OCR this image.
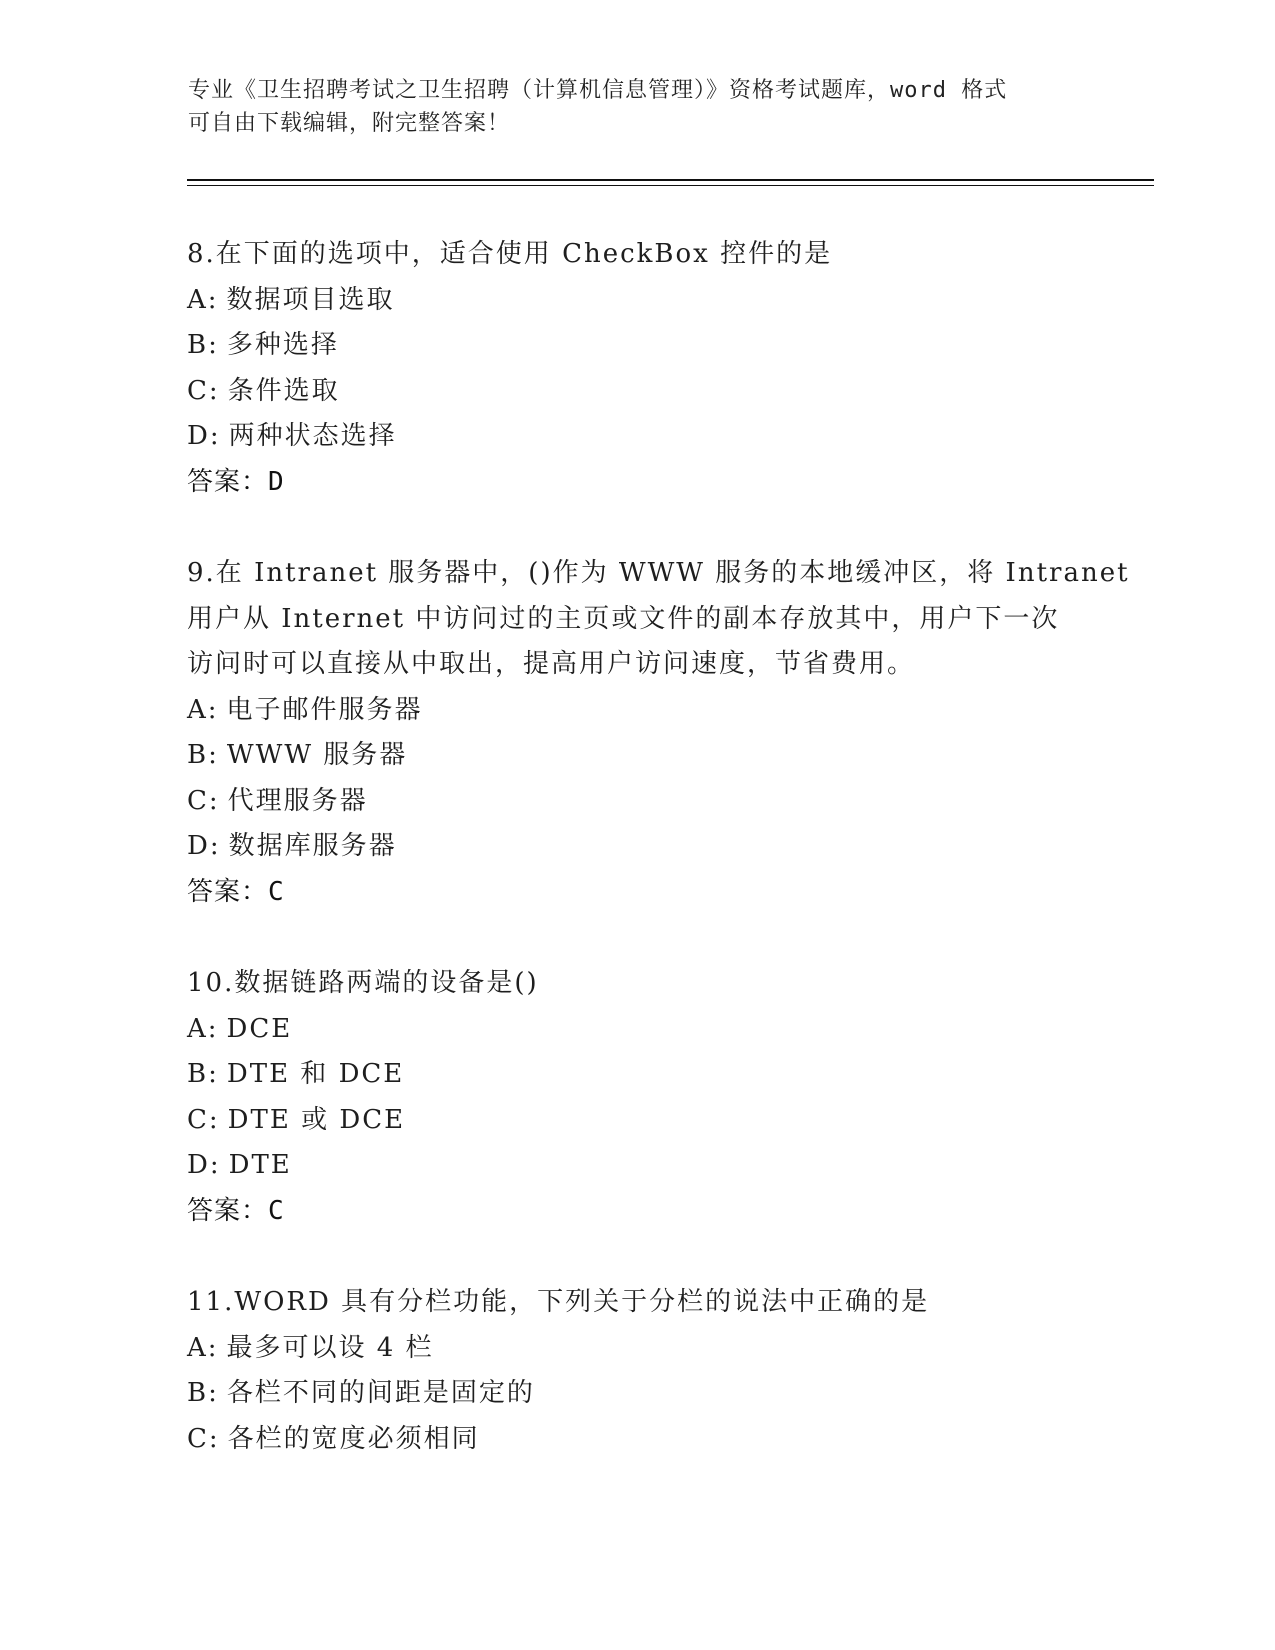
专业《卫生招聘考试之卫生招聘（计算机信息管理）》资格考试题库，word 格式
可自由下载编辑，附完整答案！
8.在下面的选项中，适合使用 CheckBox 控件的是
A: 数据项目选取
B: 多种选择
C: 条件选取
D: 两种状态选择
答案：D
9.在 Intranet 服务器中，()作为 WWW 服务的本地缓冲区，将 Intranet
用户从 Internet 中访问过的主页或文件的副本存放其中，用户下一次
访问时可以直接从中取出，提高用户访问速度，节省费用。
A: 电子邮件服务器
B: WWW 服务器
C: 代理服务器
D: 数据库服务器
答案：C
10.数据链路两端的设备是()
A: DCE
B: DTE 和 DCE
C: DTE 或 DCE
D: DTE
答案：C
11.WORD 具有分栏功能，下列关于分栏的说法中正确的是
A: 最多可以设 4 栏
B: 各栏不同的间距是固定的
C: 各栏的宽度必须相同
